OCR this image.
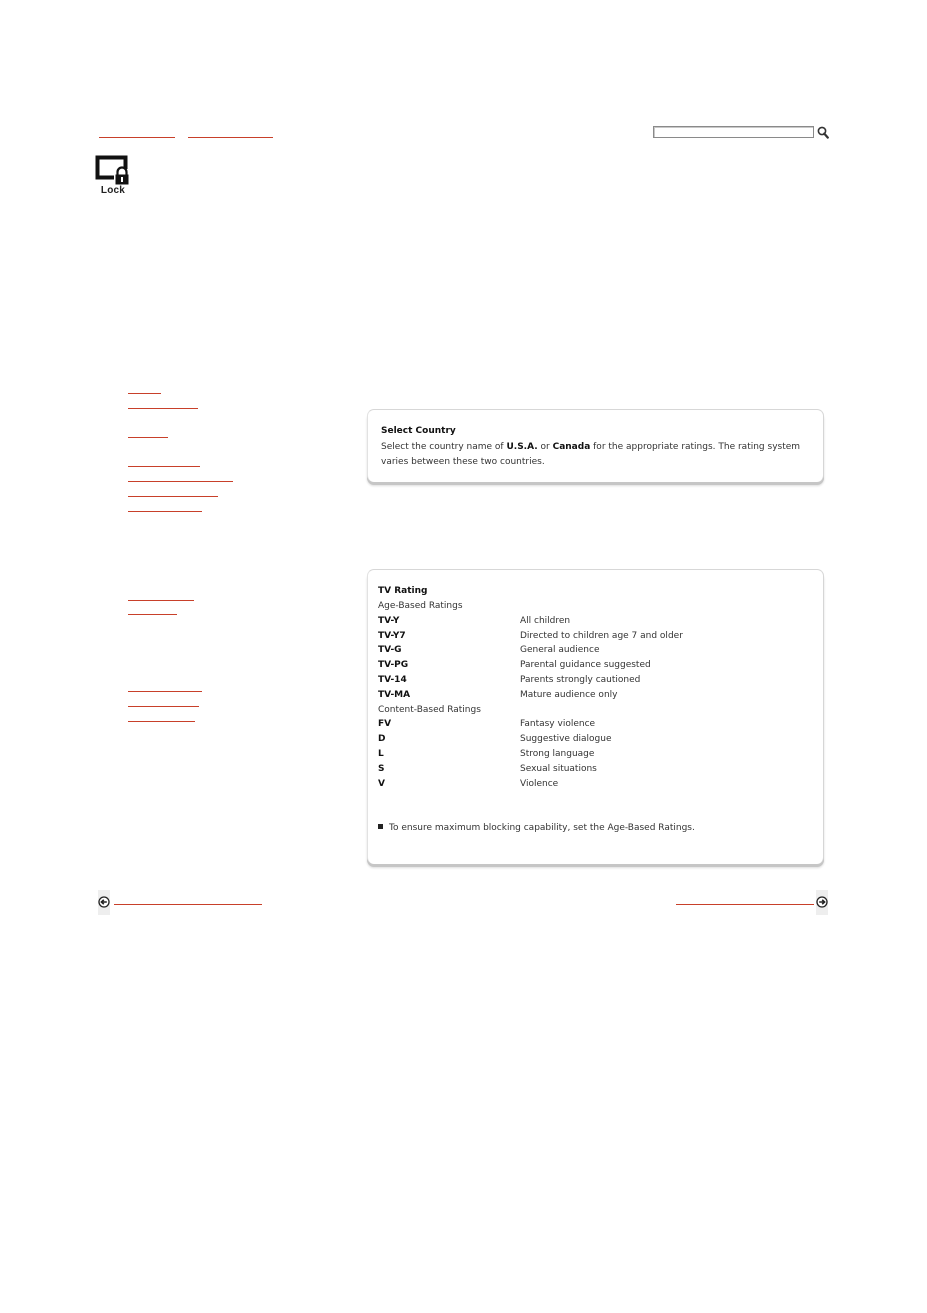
Lock
Select Country
Select the country name of U.S.A. or Canada for the appropriate ratings. The rating system varies between these two countries.
TV Rating
Age-Based Ratings
TV-Y	All children
TV-Y7	Directed to children age 7 and older
TV-G	General audience
TV-PG	Parental guidance suggested
TV-14	Parents strongly cautioned
TV-MA	Mature audience only
Content-Based Ratings
FV	Fantasy violence
D	Suggestive dialogue
L	Strong language
S	Sexual situations
V	Violence
To ensure maximum blocking capability, set the Age-Based Ratings.
